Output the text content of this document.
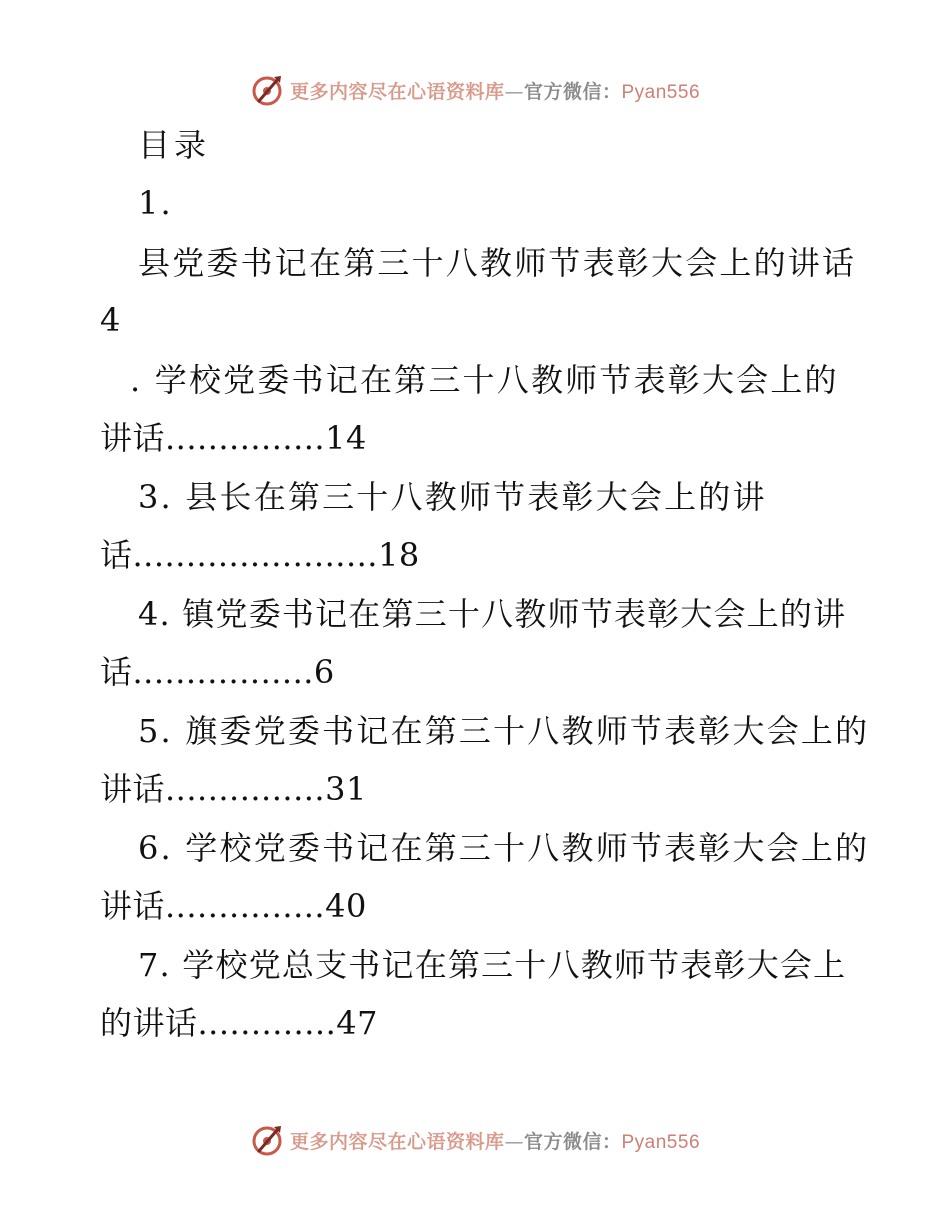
更多内容尽在心语资料库—官方微信：Pyan556
目录
1.
县党委书记在第三十八教师节表彰大会上的讲话
4
. 学校党委书记在第三十八教师节表彰大会上的
讲话...............14
3. 县长在第三十八教师节表彰大会上的讲
话.......................18
4. 镇党委书记在第三十八教师节表彰大会上的讲
话.................6
5. 旗委党委书记在第三十八教师节表彰大会上的
讲话...............31
6. 学校党委书记在第三十八教师节表彰大会上的
讲话...............40
7. 学校党总支书记在第三十八教师节表彰大会上
的讲话.............47
更多内容尽在心语资料库—官方微信：Pyan556
